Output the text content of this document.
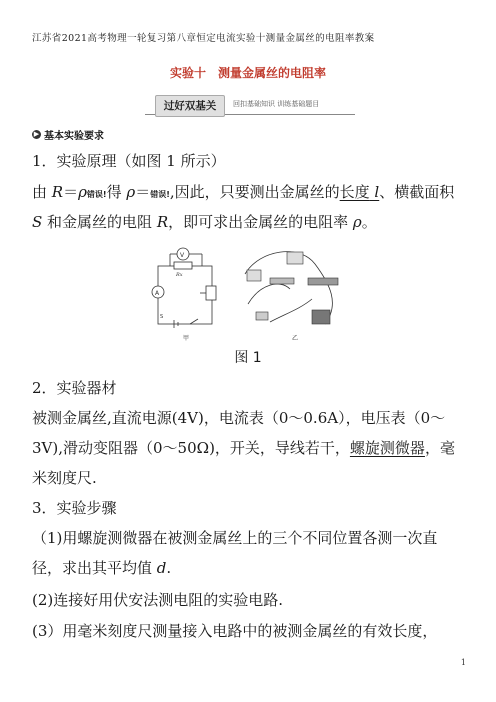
江苏省2021高考物理一轮复习第八章恒定电流实验十测量金属丝的电阻率教案
实验十 测量金属丝的电阻率
过好双基关	回扣基础知识 训练基础题目
▶ 基本实验要求
1．实验原理（如图 1 所示）
由 R＝ρ错误!得 ρ＝错误!,因此，只要测出金属丝的长度 l、横截面积
S 和金属丝的电阻 R，即可求出金属丝的电阻率 ρ。
V
A
Rx
S
甲	乙
图 1
2．实验器材
被测金属丝,直流电源(4V)，电流表（0～0.6A），电压表（0～
3V),滑动变阻器（0～50Ω)，开关，导线若干，螺旋测微器，毫
米刻度尺.
3．实验步骤
（1)用螺旋测微器在被测金属丝上的三个不同位置各测一次直
径，求出其平均值 d.
(2)连接好用伏安法测电阻的实验电路.
(3）用毫米刻度尺测量接入电路中的被测金属丝的有效长度，
1
